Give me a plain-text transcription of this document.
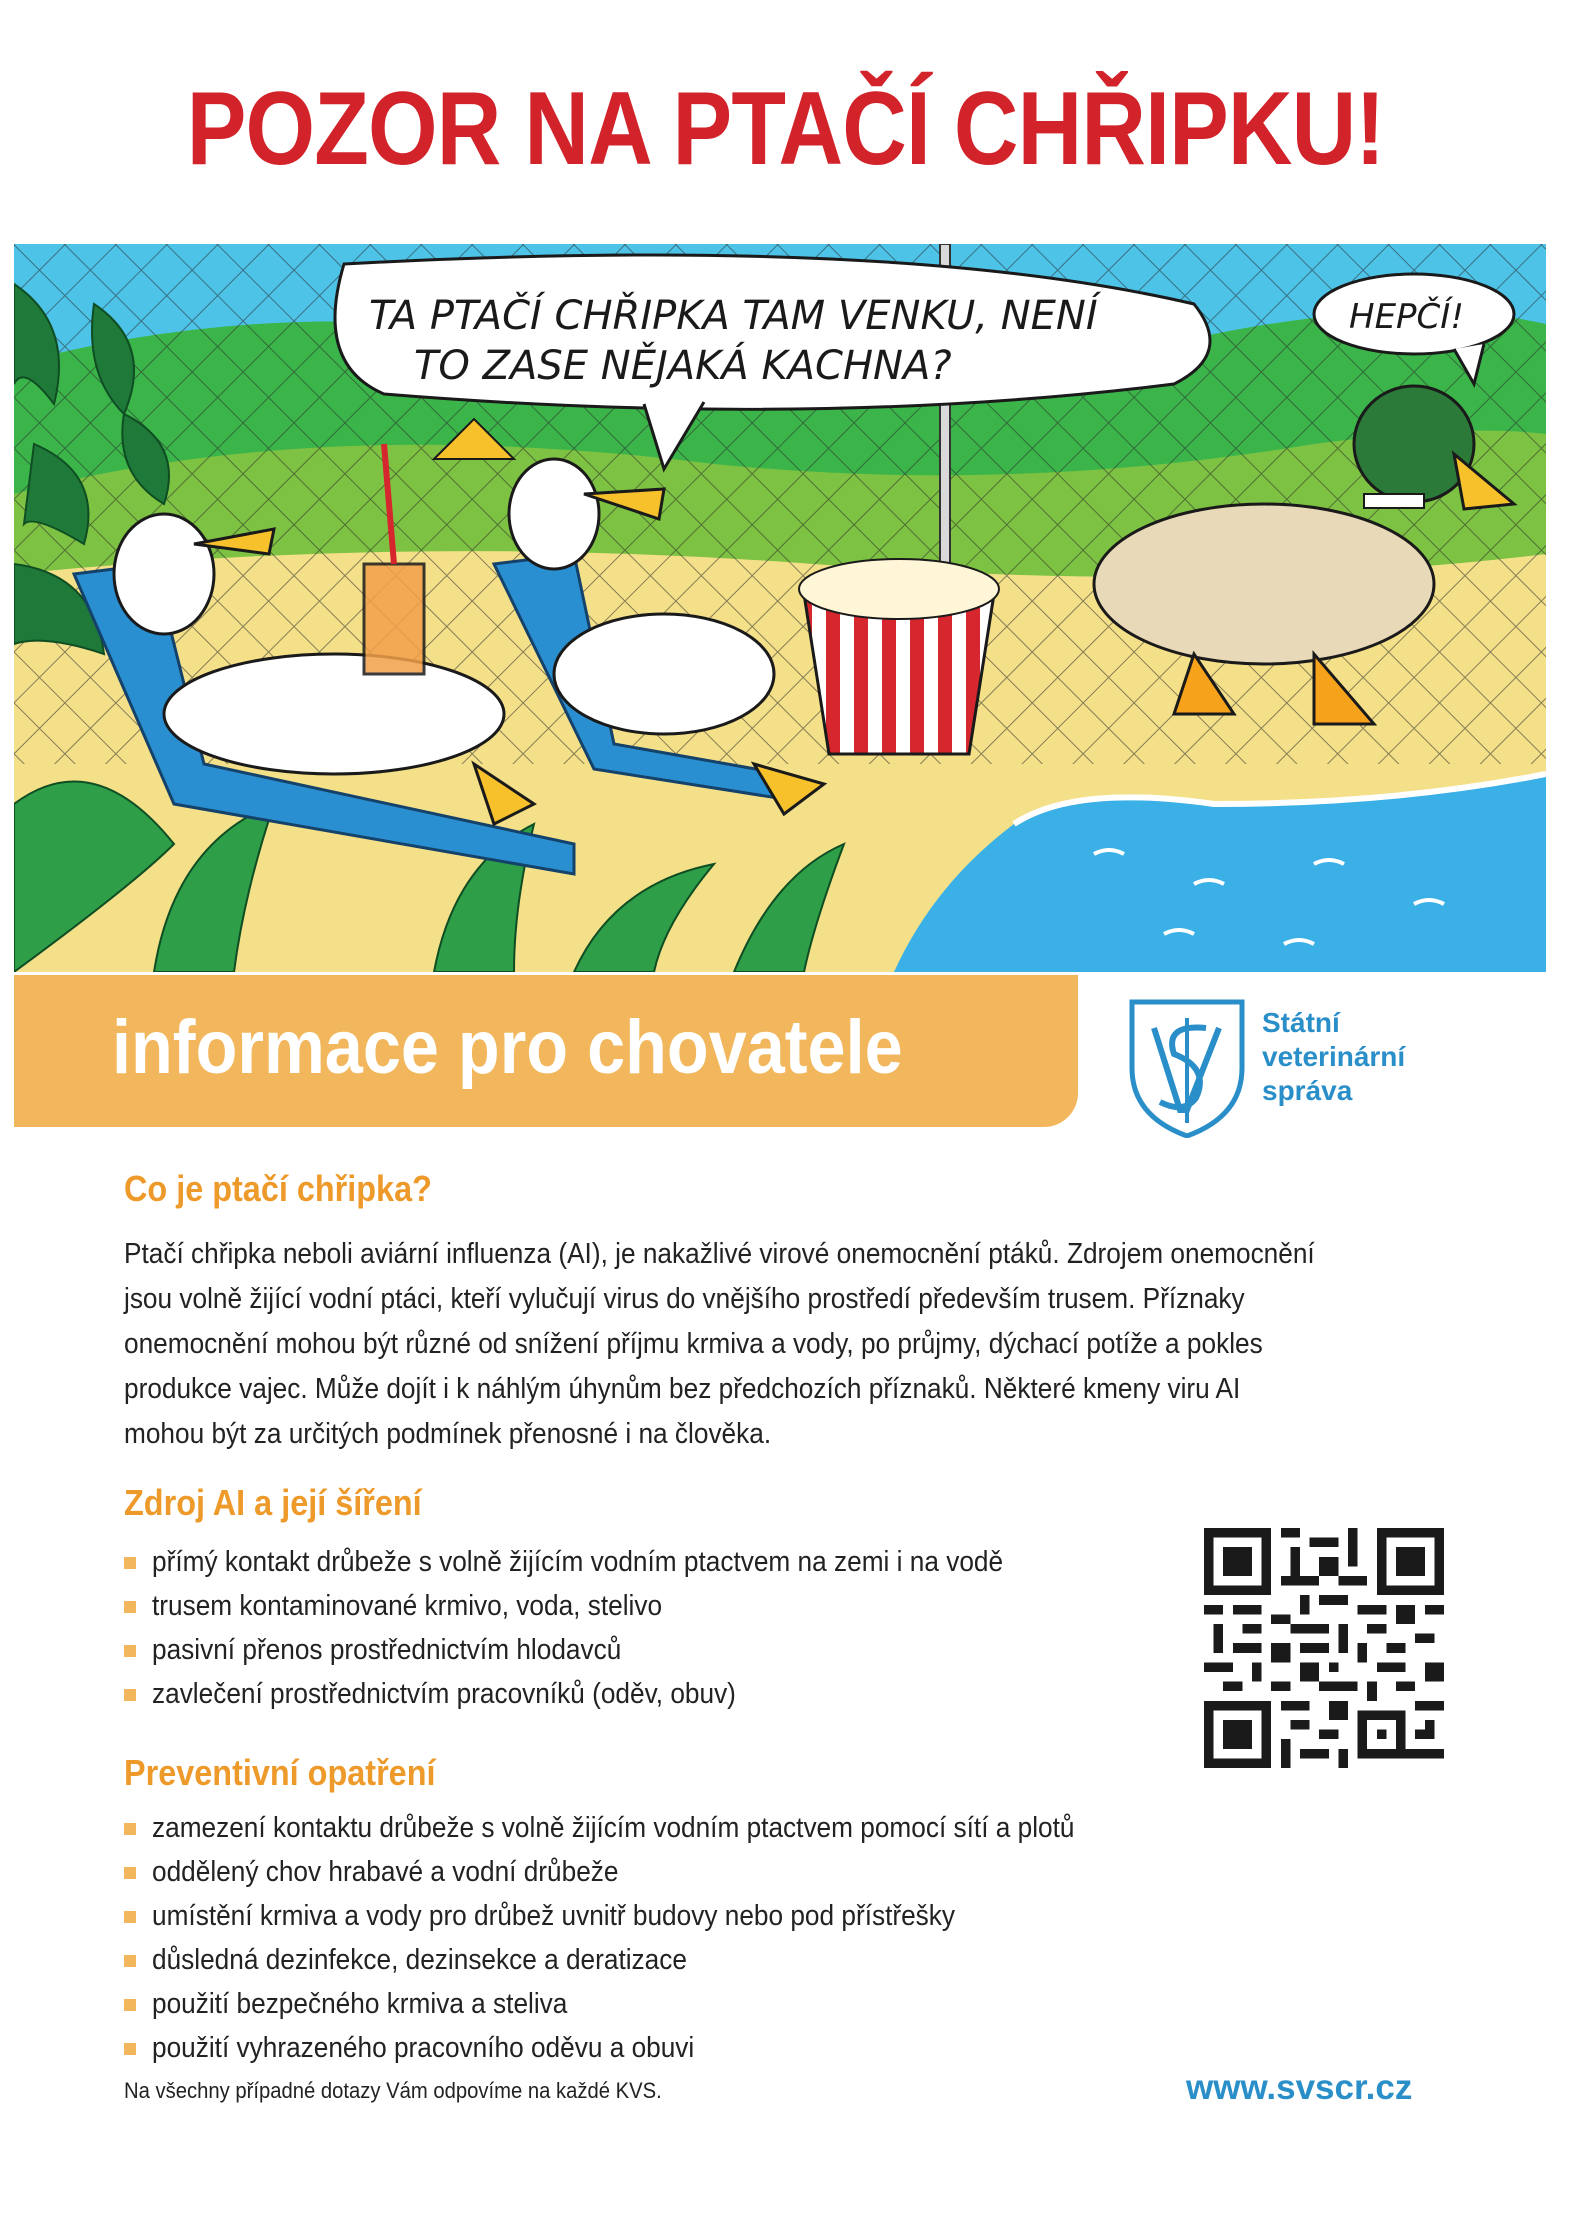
POZOR NA PTAČÍ CHŘIPKU!
TA PTAČÍ CHŘIPKA TAM VENKU, NENÍ
TO ZASE NĚJAKÁ KACHNA?
HEPČÍ!
informace pro chovatele	Státní
veterinární
správa
Co je ptačí chřipka?

Ptačí chřipka neboli aviární influenza (AI), je nakažlivé virové onemocnění ptáků. Zdrojem onemocnění
jsou volně žijící vodní ptáci, kteří vylučují virus do vnějšího prostředí především trusem. Příznaky
onemocnění mohou být různé od snížení příjmu krmiva a vody, po průjmy, dýchací potíže a pokles
produkce vajec. Může dojít i k náhlým úhynům bez předchozích příznaků. Některé kmeny viru AI
mohou být za určitých podmínek přenosné i na člověka.

Zdroj AI a její šíření
přímý kontakt drůbeže s volně žijícím vodním ptactvem na zemi i na vodě
trusem kontaminované krmivo, voda, stelivo
pasivní přenos prostřednictvím hlodavců
zavlečení prostřednictvím pracovníků (oděv, obuv)
Preventivní opatření
zamezení kontaktu drůbeže s volně žijícím vodním ptactvem pomocí sítí a plotů
oddělený chov hrabavé a vodní drůbeže
umístění krmiva a vody pro drůbež uvnitř budovy nebo pod přístřešky
důsledná dezinfekce, dezinsekce a deratizace
použití bezpečného krmiva a steliva
použití vyhrazeného pracovního oděvu a obuvi
Na všechny případné dotazy Vám odpovíme na každé KVS.	www.svscr.cz
